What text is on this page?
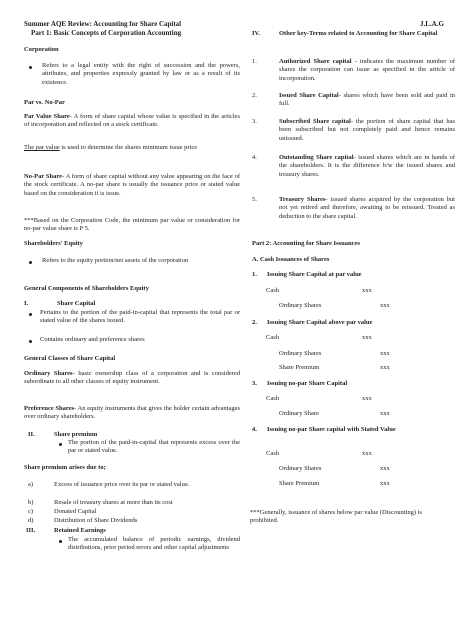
Summer AQE Review: Accounting for Share Capital
Part 1: Basic Concepts of Corporation Accounting
J.L.A.G
Corporation
Refers to a legal entity with the right of succession and the powers, attributes, and properties expressly granted by law or as a result of its existence.
Par vs. No-Par
Par Value Share- A form of share capital whose value is specified in the articles of incorporation and reflected on a stock certificate.
The par value is used to determine the shares minimum issue price
No-Par Share- A form of share capital without any value appearing on the face of the stock certificate. A no-par share is usually the issuance price or stated value based on the consideration it is issue.
***Based on the Corporation Code, the minimum par value or consideration for no-par value share is P 5.
Shareholders' Equity
Refers to the equity portion/net assets of the corporation
General Components of Shareholders Equity
I.	Share Capital
Pertains to the portion of the paid-in-capital that represents the total par or stated value of the shares issued.
Contains ordinary and preference shares
General Classes of Share Capital
Ordinary Shares- basic ownership class of a corporation and is considered subordinate to all other classes of equity instrument.
Preference Shares- An equity instruments that gives the holder certain advantages over ordinary shareholders.
II.	Share premium
The portion of the paid-in-capital that represents excess over the par or stated value.
Share premium arises due to;
a)	Excess of issuance price over its par or stated value.
b)	Resale of treasury shares at more than its cost
c)	Donated Capital
d)	Distribution of Share Dividends
III.	Retained Earnings
The accumulated balance of periodic earnings, dividend distributions, prior period errors and other capital adjustments
IV.	Other key-Terms related to Accounting for Share Capital
1.	Authorized Share capital - indicates the maximum number of shares the corporation can issue as specified in the article of incorporation.
2.	Issued Share Capital- shares which have been sold and paid in full.
3.	Subscribed Share capital- the portion of share capital that has been subscribed but not completely paid and hence remains unissued.
4.	Outstanding Share capital- issued shares which are in hands of the shareholders. It is the difference b/w the issued shares and treasury shares.
5.	Treasury Shares- issued shares acquired by the corporation but not yet retired and therefore, awaiting to be reissued. Treated as deduction to the share capital.
Part 2: Accounting for Share Issuances
A. Cash Issuances of Shares
1. Issuing Share Capital at par value
Cash	xxx
Ordinary Shares	xxx
2. Issuing Share Capital above par value
Cash	xxx
Ordinary Shares	xxx
Share Premium	xxx
3. Issuing no-par Share Capital
Cash	xxx
Ordinary Share	xxx
4. Issuing no-par Share capital with Stated Value
Cash	xxx
Ordinary Shares	xxx
Share Premium	xxx
***Generally, issuance of shares below par value (Discounting) is prohibited.
